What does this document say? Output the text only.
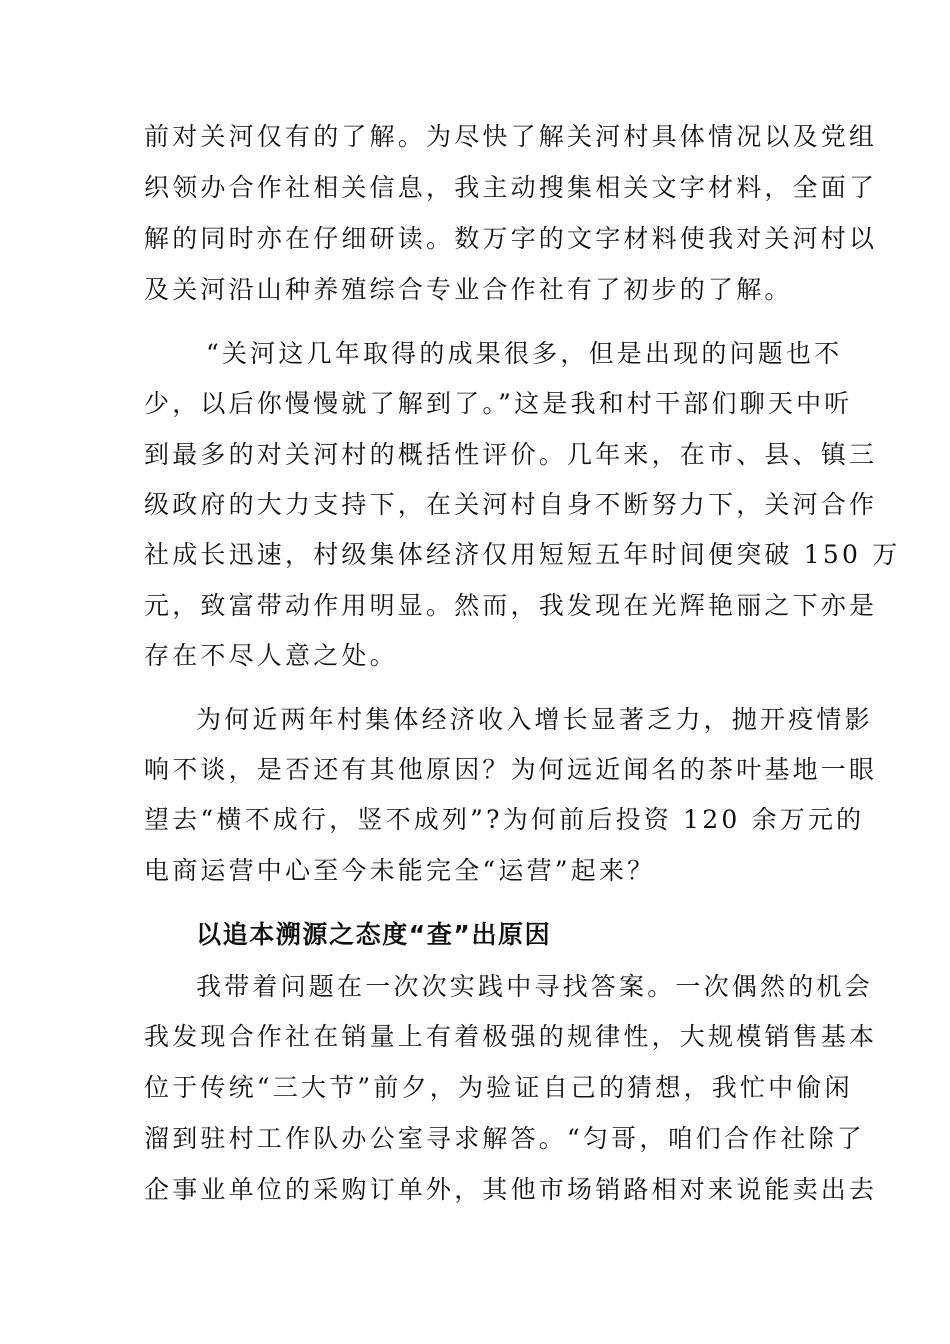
前对关河仅有的了解。为尽快了解关河村具体情况以及党组
织领办合作社相关信息，我主动搜集相关文字材料，全面了
解的同时亦在仔细研读。数万字的文字材料使我对关河村以
及关河沿山种养殖综合专业合作社有了初步的了解。
“关河这几年取得的成果很多，但是出现的问题也不
少，以后你慢慢就了解到了。”这是我和村干部们聊天中听
到最多的对关河村的概括性评价。几年来，在市、县、镇三
级政府的大力支持下，在关河村自身不断努力下，关河合作
社成长迅速，村级集体经济仅用短短五年时间便突破 150 万
元，致富带动作用明显。然而，我发现在光辉艳丽之下亦是
存在不尽人意之处。
为何近两年村集体经济收入增长显著乏力，抛开疫情影
响不谈，是否还有其他原因？为何远近闻名的茶叶基地一眼
望去“横不成行，竖不成列”?为何前后投资 120 余万元的
电商运营中心至今未能完全“运营”起来？
以追本溯源之态度“查”出原因
我带着问题在一次次实践中寻找答案。一次偶然的机会
我发现合作社在销量上有着极强的规律性，大规模销售基本
位于传统“三大节”前夕，为验证自己的猜想，我忙中偷闲
溜到驻村工作队办公室寻求解答。“匀哥，咱们合作社除了
企事业单位的采购订单外，其他市场销路相对来说能卖出去
